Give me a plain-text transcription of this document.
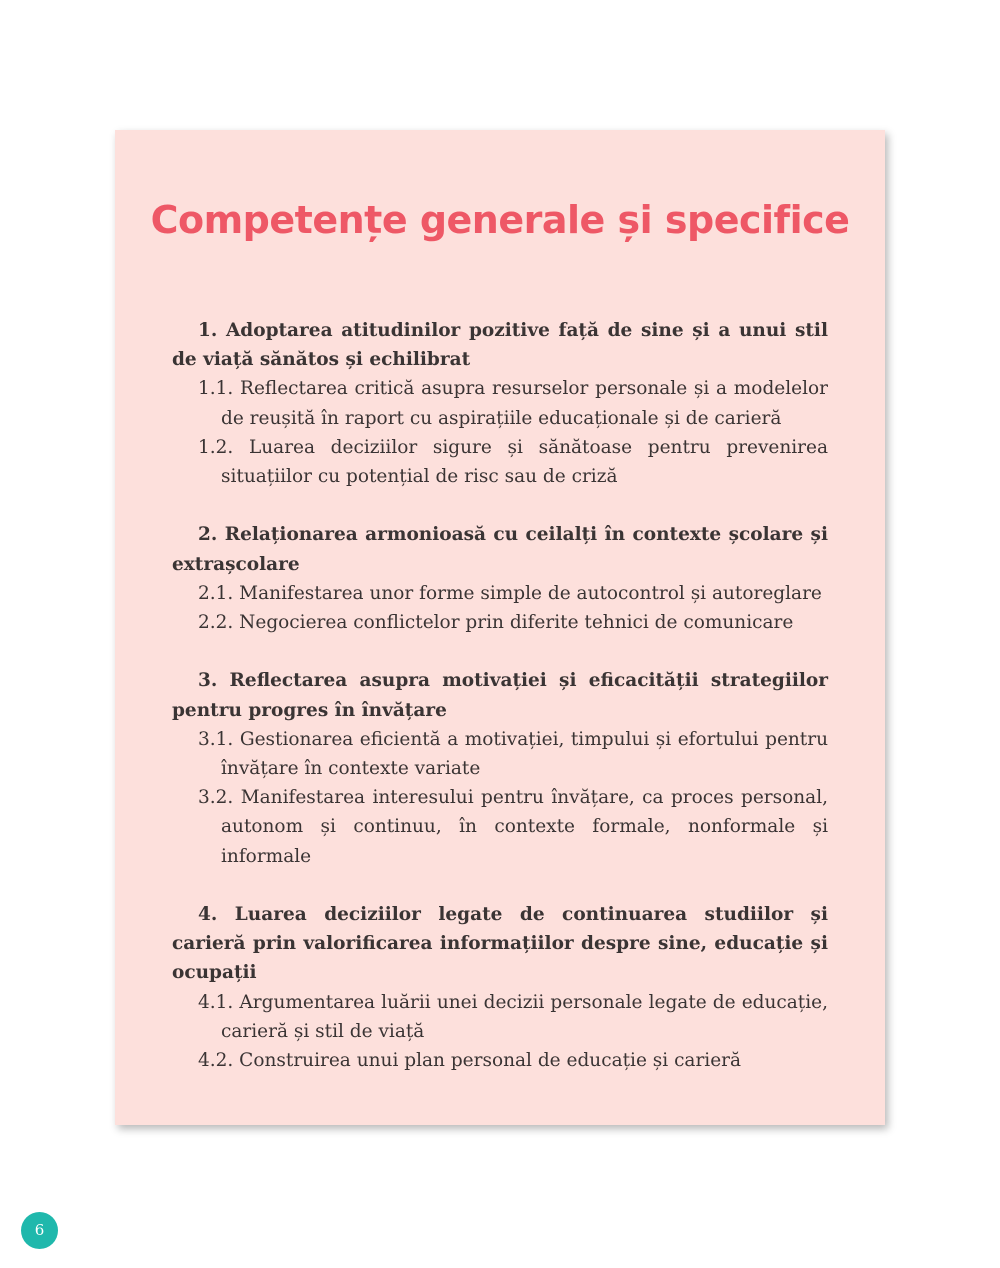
Competențe generale și specifice

1. Adoptarea atitudinilor pozitive față de sine și a unui stil de viață sănătos și echilibrat

1.1. Reflectarea critică asupra resurselor personale și a modelelor de reușită în raport cu aspirațiile educaționale și de carieră

1.2. Luarea deciziilor sigure și sănătoase pentru prevenirea situațiilor cu potențial de risc sau de criză

2. Relaționarea armonioasă cu ceilalți în contexte școlare și extrașcolare

2.1. Manifestarea unor forme simple de autocontrol și autoreglare

2.2. Negocierea conflictelor prin diferite tehnici de comunicare

3. Reflectarea asupra motivației și eficacității strategiilor pentru progres în învățare

3.1. Gestionarea eficientă a motivației, timpului și efortului pentru învățare în contexte variate

3.2. Manifestarea interesului pentru învățare, ca proces personal, autonom și continuu, în contexte formale, nonformale și informale

4. Luarea deciziilor legate de continuarea studiilor și carieră prin valorificarea informațiilor despre sine, educație și ocupații

4.1. Argumentarea luării unei decizii personale legate de educație, carieră și stil de viață

4.2. Construirea unui plan personal de educație și carieră

6
